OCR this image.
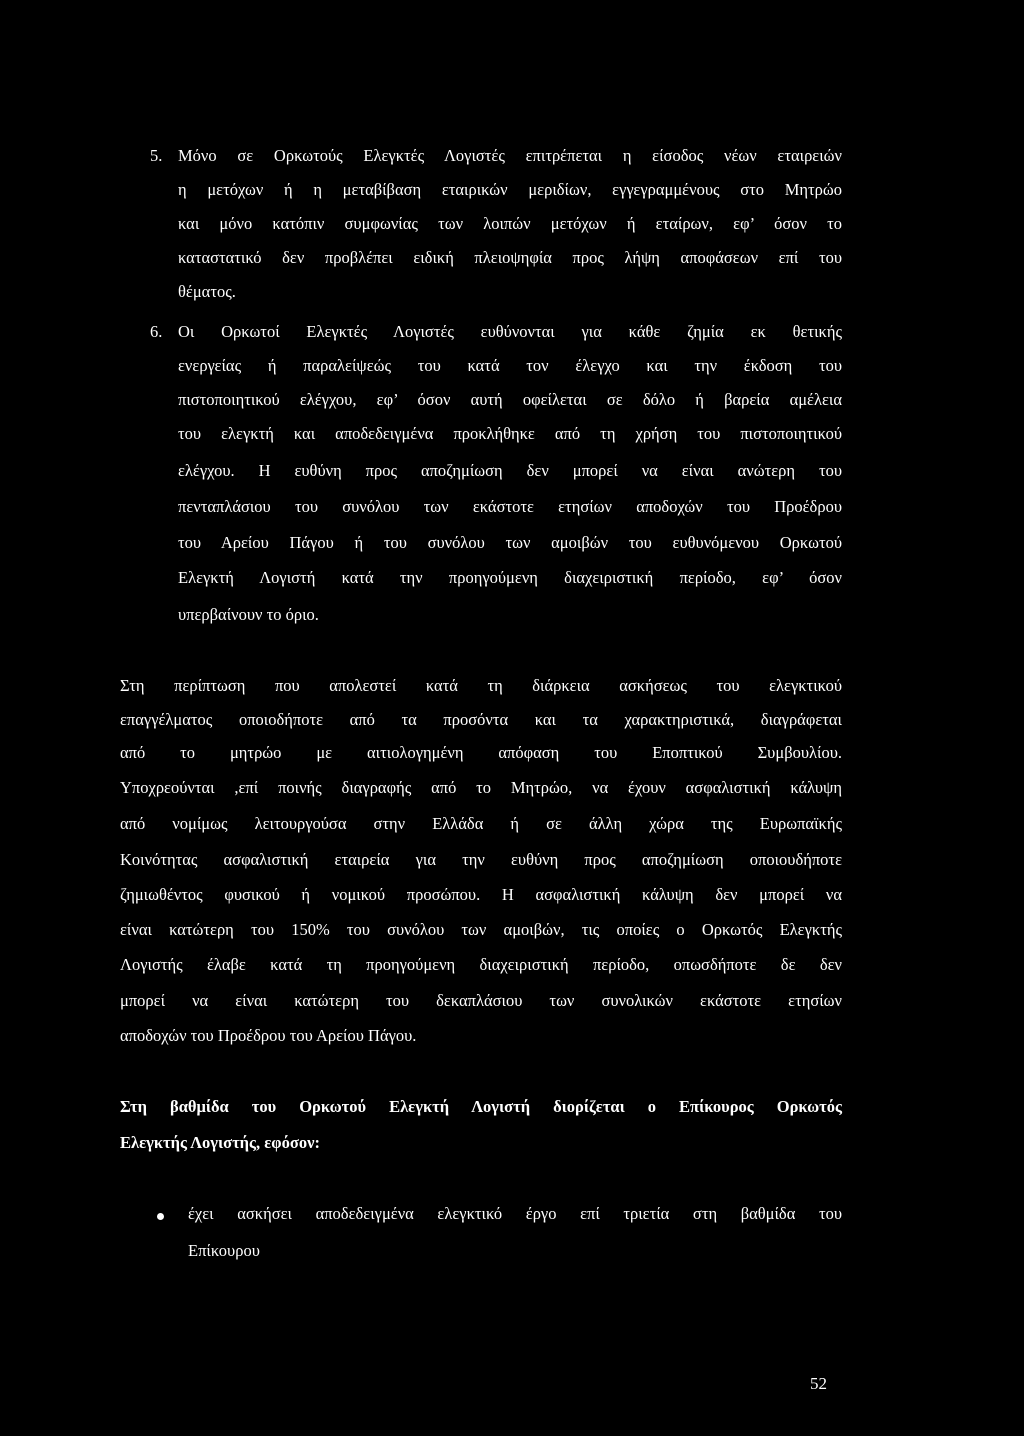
5. Μόνο σε Ορκωτούς Ελεγκτές Λογιστές επιτρέπεται η είσοδος νέων εταιρειών
η μετόχων ή η μεταβίβαση εταιρικών μεριδίων, εγγεγραμμένους στο Μητρώο
και μόνο κατόπιν συμφωνίας των λοιπών μετόχων ή εταίρων, εφ’ όσον το
καταστατικό δεν προβλέπει ειδική πλειοψηφία προς λήψη αποφάσεων επί του
θέματος.
6. Οι Ορκωτοί Ελεγκτές Λογιστές ευθύνονται για κάθε ζημία εκ θετικής
ενεργείας ή παραλείψεώς του κατά τον έλεγχο και την έκδοση του
πιστοποιητικού ελέγχου, εφ’ όσον αυτή οφείλεται σε δόλο ή βαρεία αμέλεια
του ελεγκτή και αποδεδειγμένα προκλήθηκε από τη χρήση του πιστοποιητικού
ελέγχου. Η ευθύνη προς αποζημίωση δεν μπορεί να είναι ανώτερη του
πενταπλάσιου του συνόλου των εκάστοτε ετησίων αποδοχών του Προέδρου
του Αρείου Πάγου ή του συνόλου των αμοιβών του ευθυνόμενου Ορκωτού
Ελεγκτή Λογιστή κατά την προηγούμενη διαχειριστική περίοδο, εφ’ όσον
υπερβαίνουν το όριο.
Στη περίπτωση που απολεστεί κατά τη διάρκεια ασκήσεως του ελεγκτικού
επαγγέλματος οποιοδήποτε από τα προσόντα και τα χαρακτηριστικά, διαγράφεται
από το μητρώο με αιτιολογημένη απόφαση του Εποπτικού Συμβουλίου.
Υποχρεούνται ,επί ποινής διαγραφής από το Μητρώο, να έχουν ασφαλιστική κάλυψη
από νομίμως λειτουργούσα στην Ελλάδα ή σε άλλη χώρα της Ευρωπαϊκής
Κοινότητας ασφαλιστική εταιρεία για την ευθύνη προς αποζημίωση οποιουδήποτε
ζημιωθέντος φυσικού ή νομικού προσώπου. Η ασφαλιστική κάλυψη δεν μπορεί να
είναι κατώτερη του 150% του συνόλου των αμοιβών, τις οποίες ο Ορκωτός Ελεγκτής
Λογιστής έλαβε κατά τη προηγούμενη διαχειριστική περίοδο, οπωσδήποτε δε δεν
μπορεί να είναι κατώτερη του δεκαπλάσιου των συνολικών εκάστοτε ετησίων
αποδοχών του Προέδρου του Αρείου Πάγου.
Στη βαθμίδα του Ορκωτού Ελεγκτή Λογιστή διορίζεται ο Επίκουρος Ορκωτός
Ελεγκτής Λογιστής, εφόσον:
έχει ασκήσει αποδεδειγμένα ελεγκτικό έργο επί τριετία στη βαθμίδα του
Επίκουρου
52
